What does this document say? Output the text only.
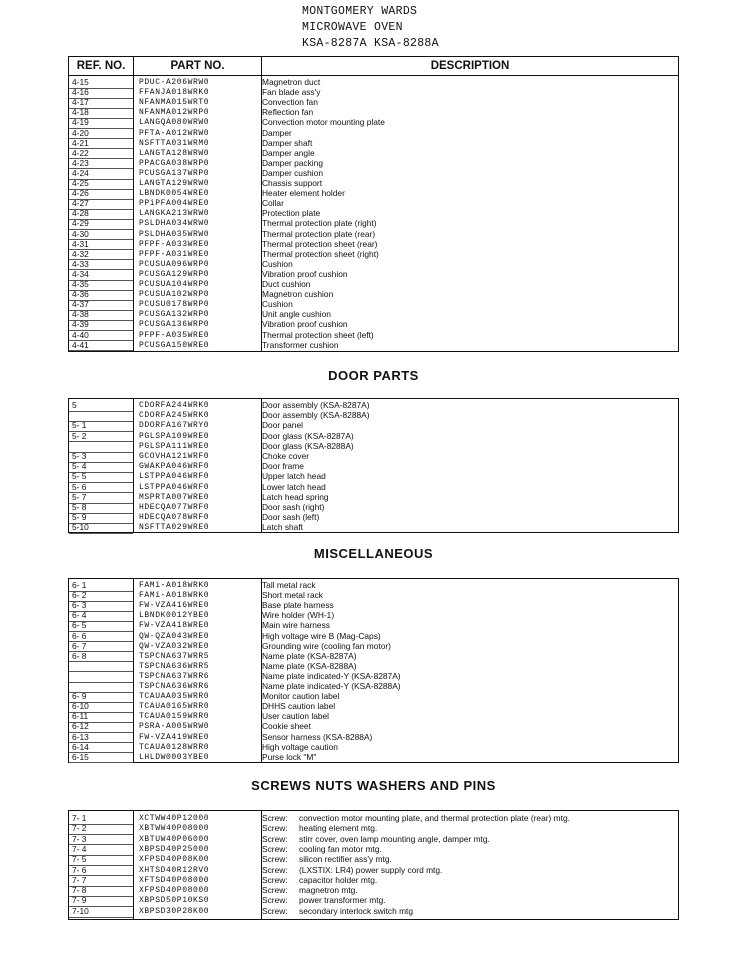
MONTGOMERY WARDS
MICROWAVE OVEN
KSA-8287A KSA-8288A
REF. NO.	PART NO.	DESCRIPTION
4-15	PDUC-A206WRW0	Magnetron duct
4-16	FFANJA018WRK0	Fan blade ass'y
4-17	NFANMA015WRT0	Convection fan
4-18	NFANMA012WRP0	Reflection fan
4-19	LANGQA080WRW0	Convection motor mounting plate
4-20	PFTA-A012WRW0	Damper
4-21	NSFTTA031WRM0	Damper shaft
4-22	LANGTA128WRW0	Damper angle
4-23	PPACGA038WRP0	Damper packing
4-24	PCUSGA137WRP0	Damper cushion
4-25	LANGTA129WRW0	Chassis support
4-26	LBNDK0054WRE0	Heater element holder
4-27	PPiPFA004WRE0	Collar
4-28	LANGKA213WRW0	Protection plate
4-29	PSLDHA034WRW0	Thermal protection plate (right)
4-30	PSLDHA035WRW0	Thermal protection plate (rear)
4-31	PFPF-A033WRE0	Thermal protection sheet (rear)
4-32	PFPF-A031WRE0	Thermal protection sheet (right)
4-33	PCUSUA096WRP0	Cushion
4-34	PCUSGA129WRP0	Vibration proof cushion
4-35	PCUSUA104WRP0	Duct cushion
4-36	PCUSUA102WRP0	Magnetron cushion
4-37	PCUSU0178WRP0	Cushion
4-38	PCUSGA132WRP0	Unit angle cushion
4-39	PCUSGA136WRP0	Vibration proof cushion
4-40	PFPF-A035WRE0	Thermal protection sheet (left)
4-41	PCUSGA150WRE0	Transformer cushion
DOOR PARTS
5	CDORFA244WRK0	Door assembly (KSA-8287A)
CDORFA245WRK0	Door assembly (KSA-8288A)
5- 1	DDORFA167WRY0	Door panel
5- 2	PGLSPA109WRE0	Door glass (KSA-8287A)
PGLSPA111WRE0	Door glass (KSA-8288A)
5- 3	GCOVHA121WRF0	Choke cover
5- 4	GWAKPA046WRF0	Door frame
5- 5	LSTPPA046WRF0	Upper latch head
5- 6	LSTPPA046WRF0	Lower latch head
5- 7	MSPRTA007WRE0	Latch head spring
5- 8	HDECQA077WRF0	Door sash (right)
5- 9	HDECQA078WRF0	Door sash (left)
5-10	NSFTTA029WRE0	Latch shaft
MISCELLANEOUS
6- 1	FAMi-A018WRK0	Tall metal rack
6- 2	FAMi-A018WRK0	Short metal rack
6- 3	FW-VZA416WRE0	Base plate harness
6- 4	LBNDK0012YBE0	Wire holder (WH-1)
6- 5	FW-VZA418WRE0	Main wire harness
6- 6	QW-QZA043WRE0	High voltage wire B (Mag-Caps)
6- 7	QW-VZA032WRE0	Grounding wire (cooling fan motor)
6- 8	TSPCNA637WRR5	Name plate (KSA-8287A)
TSPCNA636WRR5	Name plate (KSA-8288A)
TSPCNA637WRR6	Name plate indicated-Y (KSA-8287A)
TSPCNA636WRR6	Name plate indicated-Y (KSA-8288A)
6- 9	TCAUAA035WRR0	Monitor caution label
6-10	TCAUA0165WRR0	DHHS caution label
6-11	TCAUA0159WRR0	User caution label
6-12	PSRA-A005WRW0	Cookie sheet
6-13	FW-VZA419WRE0	Sensor harness (KSA-8288A)
6-14	TCAUA0128WRR0	High voltage caution
6-15	LHLDW0003YBE0	Purse lock "M"
SCREWS NUTS WASHERS AND PINS
7- 1	XCTWW40P12000	Screw: convection motor mounting plate, and thermal protection plate (rear) mtg.
7- 2	XBTWW40P08000	Screw: heating element mtg.
7- 3	XBTUW40P06000	Screw: stirr cover, oven lamp mounting angle, damper mtg.
7- 4	XBPSD40P25000	Screw: cooling fan motor mtg.
7- 5	XFPSD40P08K00	Screw: silicon rectifier ass'y mtg.
7- 6	XHTSD40R12RV0	Screw: (LXSTIX: LR4) power supply cord mtg.
7- 7	XFTSD40P08000	Screw: capacitor holder mtg.
7- 8	XFPSD40P08000	Screw: magnetron mtg.
7- 9	XBPSD50P10KS0	Screw: power transformer mtg.
7-10	XBPSD30P28K00	Screw: secondary interlock switch mtg
